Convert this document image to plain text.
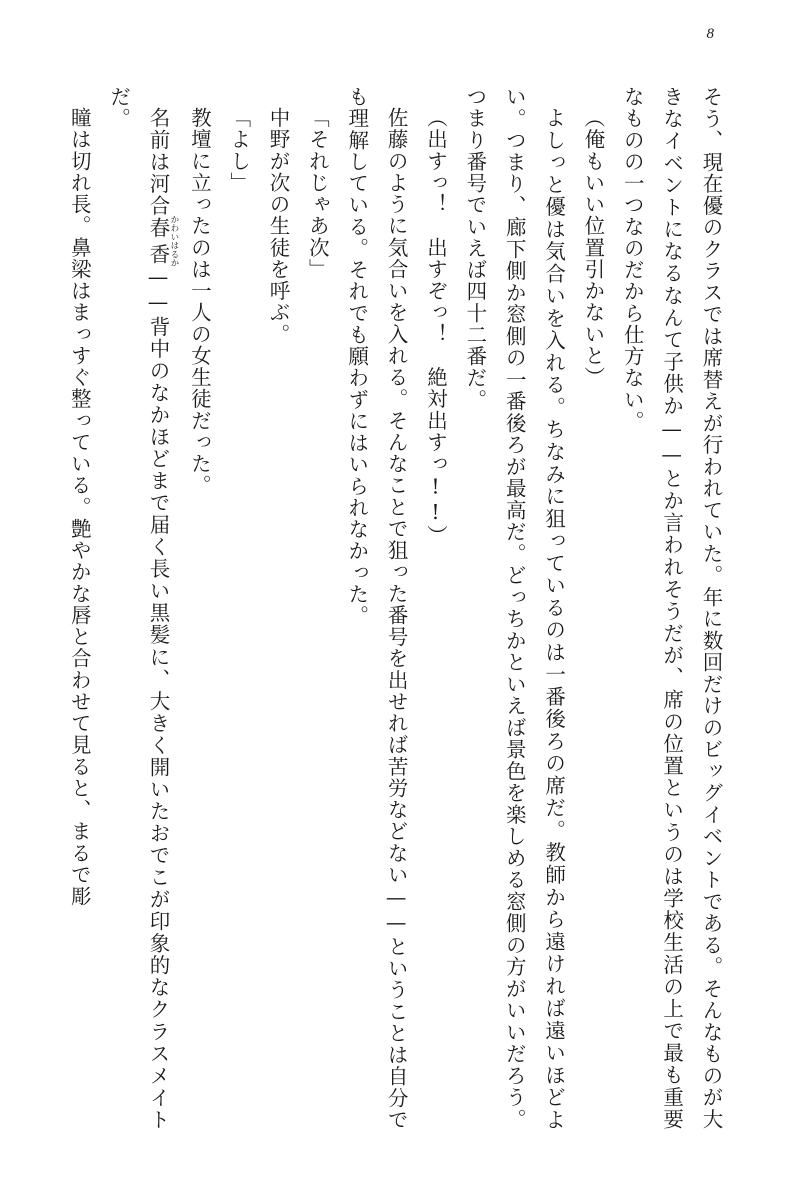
8

そう、現在優のクラスでは席替えが行われていた。年に数回だけのビッグイベントである。そんなものが大きなイベントになるなんて子供か——とか言われそうだが、席の位置というのは学校生活の上で最も重要なものの一つなのだから仕方ない。

（俺もいい位置引かないと）

よしっと優は気合いを入れる。ちなみに狙っているのは一番後ろの席だ。教師から遠ければ遠いほどよい。つまり、廊下側か窓側の一番後ろが最高だ。どっちかといえば景色を楽しめる窓側の方がいいだろう。つまり番号でいえば四十二番だ。

（出すっ！　出すぞっ！　絶対出すっ!!）

佐藤のように気合いを入れる。そんなことで狙った番号を出せれば苦労などない——ということは自分でも理解している。それでも願わずにはいられなかった。

「それじゃあ次」

中野が次の生徒を呼ぶ。

「よし」

教壇に立ったのは一人の女生徒だった。

名前は河合春香 かわいはるか——背中のなかほどまで届く長い黒髪に、大きく開いたおでこが印象的なクラスメイトだ。

瞳は切れ長。鼻梁はまっすぐ整っている。艶やかな唇と合わせて見ると、まるで彫
